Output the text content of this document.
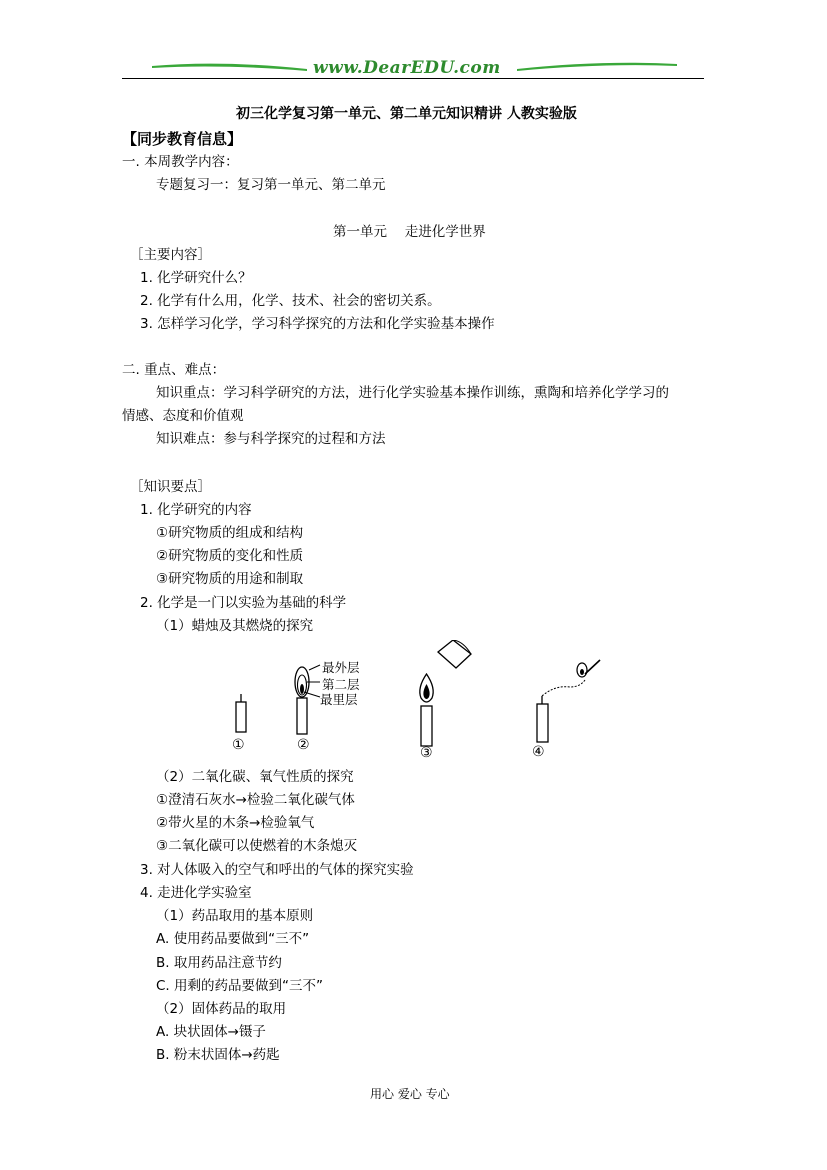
www.DearEDU.com
初三化学复习第一单元、第二单元知识精讲 人教实验版
【同步教育信息】
一. 本周教学内容：
专题复习一：复习第一单元、第二单元
第一单元　 走进化学世界
［主要内容］
1. 化学研究什么？
2. 化学有什么用，化学、技术、社会的密切关系。
3. 怎样学习化学，学习科学探究的方法和化学实验基本操作
二. 重点、难点：
知识重点：学习科学研究的方法，进行化学实验基本操作训练，熏陶和培养化学学习的
情感、态度和价值观
知识难点：参与科学探究的过程和方法
［知识要点］
1. 化学研究的内容
①研究物质的组成和结构
②研究物质的变化和性质
③研究物质的用途和制取
2. 化学是一门以实验为基础的科学
（1）蜡烛及其燃烧的探究
最外层
第二层
最里层
①	②	③	④
（2）二氧化碳、氧气性质的探究
①澄清石灰水→检验二氧化碳气体
②带火星的木条→检验氧气
③二氧化碳可以使燃着的木条熄灭
3. 对人体吸入的空气和呼出的气体的探究实验
4. 走进化学实验室
（1）药品取用的基本原则
A. 使用药品要做到“三不”
B. 取用药品注意节约
C. 用剩的药品要做到“三不”
（2）固体药品的取用
A. 块状固体→镊子
B. 粉末状固体→药匙
用心 爱心 专心
